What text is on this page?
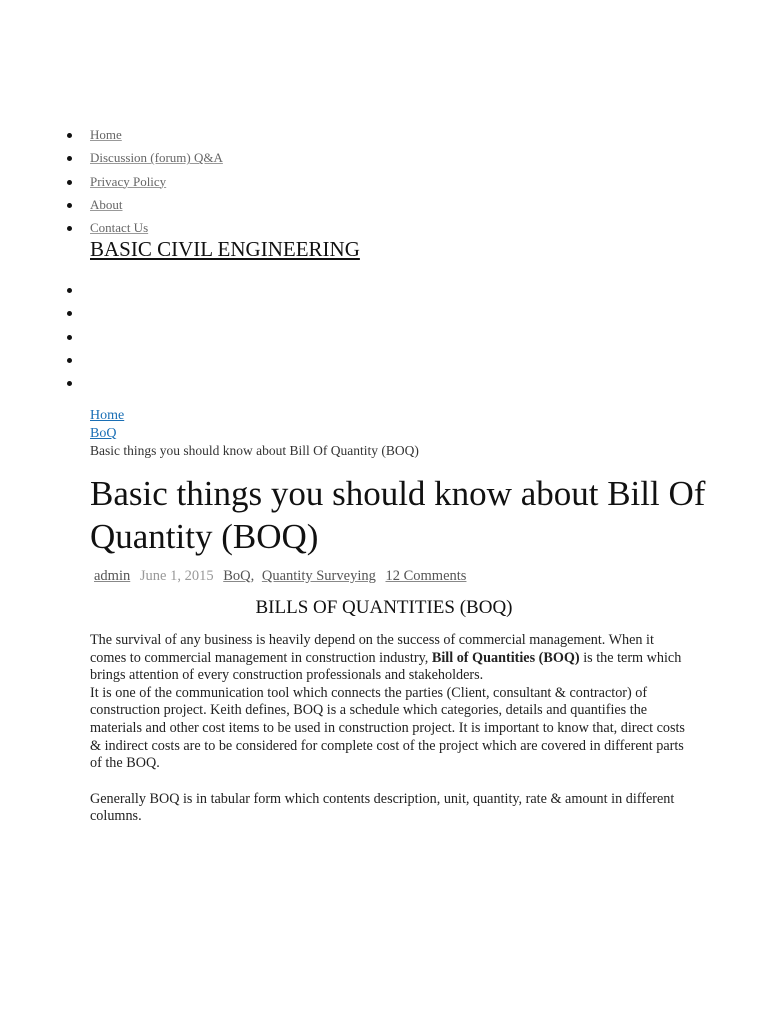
Home
Discussion (forum) Q&A
Privacy Policy
About
Contact Us
BASIC CIVIL ENGINEERING
Home
BoQ
Basic things you should know about Bill Of Quantity (BOQ)
Basic things you should know about Bill Of Quantity (BOQ)
admin June 1, 2015 BoQ, Quantity Surveying 12 Comments
BILLS OF QUANTITIES (BOQ)

The survival of any business is heavily depend on the success of commercial management. When it comes to commercial management in construction industry, Bill of Quantities (BOQ) is the term which brings attention of every construction professionals and stakeholders.

It is one of the communication tool which connects the parties (Client, consultant & contractor) of construction project. Keith defines, BOQ is a schedule which categories, details and quantifies the materials and other cost items to be used in construction project. It is important to know that, direct costs & indirect costs are to be considered for complete cost of the project which are covered in different parts of the BOQ.

Generally BOQ is in tabular form which contents description, unit, quantity, rate & amount in different columns.
